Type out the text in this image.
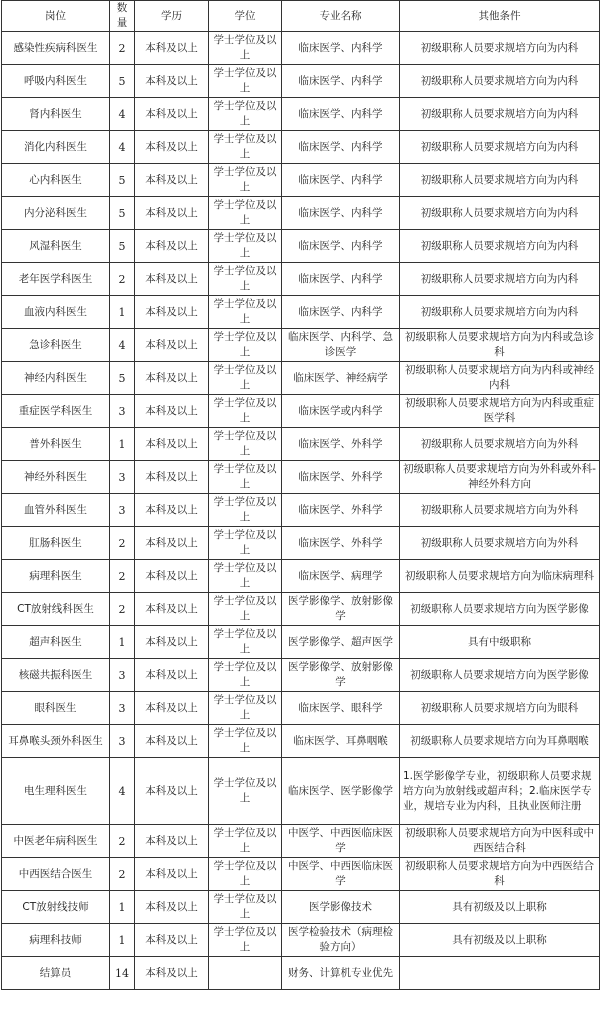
岗位	数量	学历	学位	专业名称	其他条件
感染性疾病科医生	2	本科及以上	学士学位及以上	临床医学、内科学	初级职称人员要求规培方向为内科
呼吸内科医生	5	本科及以上	学士学位及以上	临床医学、内科学	初级职称人员要求规培方向为内科
肾内科医生	4	本科及以上	学士学位及以上	临床医学、内科学	初级职称人员要求规培方向为内科
消化内科医生	4	本科及以上	学士学位及以上	临床医学、内科学	初级职称人员要求规培方向为内科
心内科医生	5	本科及以上	学士学位及以上	临床医学、内科学	初级职称人员要求规培方向为内科
内分泌科医生	5	本科及以上	学士学位及以上	临床医学、内科学	初级职称人员要求规培方向为内科
风湿科医生	5	本科及以上	学士学位及以上	临床医学、内科学	初级职称人员要求规培方向为内科
老年医学科医生	2	本科及以上	学士学位及以上	临床医学、内科学	初级职称人员要求规培方向为内科
血液内科医生	1	本科及以上	学士学位及以上	临床医学、内科学	初级职称人员要求规培方向为内科
急诊科医生	4	本科及以上	学士学位及以上	临床医学、内科学、急诊医学	初级职称人员要求规培方向为内科或急诊科
神经内科医生	5	本科及以上	学士学位及以上	临床医学、神经病学	初级职称人员要求规培方向为内科或神经内科
重症医学科医生	3	本科及以上	学士学位及以上	临床医学或内科学	初级职称人员要求规培方向为内科或重症医学科
普外科医生	1	本科及以上	学士学位及以上	临床医学、外科学	初级职称人员要求规培方向为外科
神经外科医生	3	本科及以上	学士学位及以上	临床医学、外科学	初级职称人员要求规培方向为外科或外科-神经外科方向
血管外科医生	3	本科及以上	学士学位及以上	临床医学、外科学	初级职称人员要求规培方向为外科
肛肠科医生	2	本科及以上	学士学位及以上	临床医学、外科学	初级职称人员要求规培方向为外科
病理科医生	2	本科及以上	学士学位及以上	临床医学、病理学	初级职称人员要求规培方向为临床病理科
CT放射线科医生	2	本科及以上	学士学位及以上	医学影像学、放射影像学	初级职称人员要求规培方向为医学影像
超声科医生	1	本科及以上	学士学位及以上	医学影像学、超声医学	具有中级职称
核磁共振科医生	3	本科及以上	学士学位及以上	医学影像学、放射影像学	初级职称人员要求规培方向为医学影像
眼科医生	3	本科及以上	学士学位及以上	临床医学、眼科学	初级职称人员要求规培方向为眼科
耳鼻喉头颈外科医生	3	本科及以上	学士学位及以上	临床医学、耳鼻咽喉	初级职称人员要求规培方向为耳鼻咽喉
电生理科医生	4	本科及以上	学士学位及以上	临床医学、医学影像学	1.医学影像学专业，初级职称人员要求规培方向为放射线或超声科；2.临床医学专业，规培专业为内科，且执业医师注册
中医老年病科医生	2	本科及以上	学士学位及以上	中医学、中西医临床医学	初级职称人员要求规培方向为中医科或中西医结合科
中西医结合医生	2	本科及以上	学士学位及以上	中医学、中西医临床医学	初级职称人员要求规培方向为中西医结合科
CT放射线技师	1	本科及以上	学士学位及以上	医学影像技术	具有初级及以上职称
病理科技师	1	本科及以上	学士学位及以上	医学检验技术（病理检验方向）	具有初级及以上职称
结算员	14	本科及以上		财务、计算机专业优先	
